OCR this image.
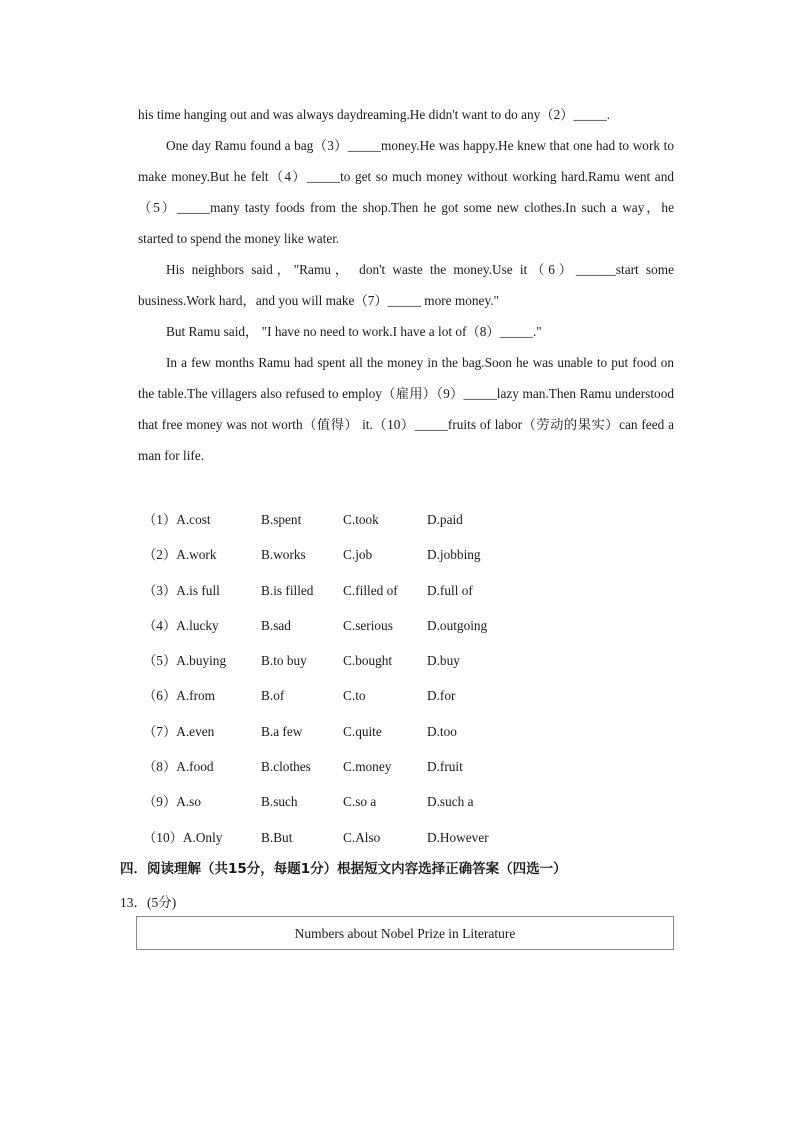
his time hanging out and was always daydreaming.He didn't want to do any（2）_____.

One day Ramu found a bag（3）_____money.He was happy.He knew that one had to work to make money.But he felt（4）_____to get so much money without working hard.Ramu went and（5）_____many tasty foods from the shop.Then he got some new clothes.In such a way，he started to spend the money like water.

His neighbors said，"Ramu， don't waste the money.Use it（6）______start some business.Work hard，and you will make（7）_____ more money."

But Ramu said， "I have no need to work.I have a lot of（8）_____."

In a few months Ramu had spent all the money in the bag.Soon he was unable to put food on the table.The villagers also refused to employ（雇用）（9）_____lazy man.Then Ramu understood that free money was not worth（值得） it.（10）_____fruits of labor（劳动的果实）can feed a man for life.

（1）A.cost	B.spent	C.took	D.paid
（2）A.work	B.works	C.job	D.jobbing
（3）A.is full	B.is filled C.filled of D.full of
（4）A.lucky	B.sad	C.serious	D.outgoing
（5）A.buying	B.to buy	C.bought	D.buy
（6）A.from	B.of	C.to	D.for
（7）A.even	B.a few	C.quite	D.too
（8）A.food	B.clothes C.money	D.fruit
（9）A.so	B.such	C.so a	D.such a
（10）A.Only	B.But	C.Also	D.However
四．阅读理解（共15分，每题1分）根据短文内容选择正确答案（四选一）
13．(5分)
Numbers about Nobel Prize in Literature
